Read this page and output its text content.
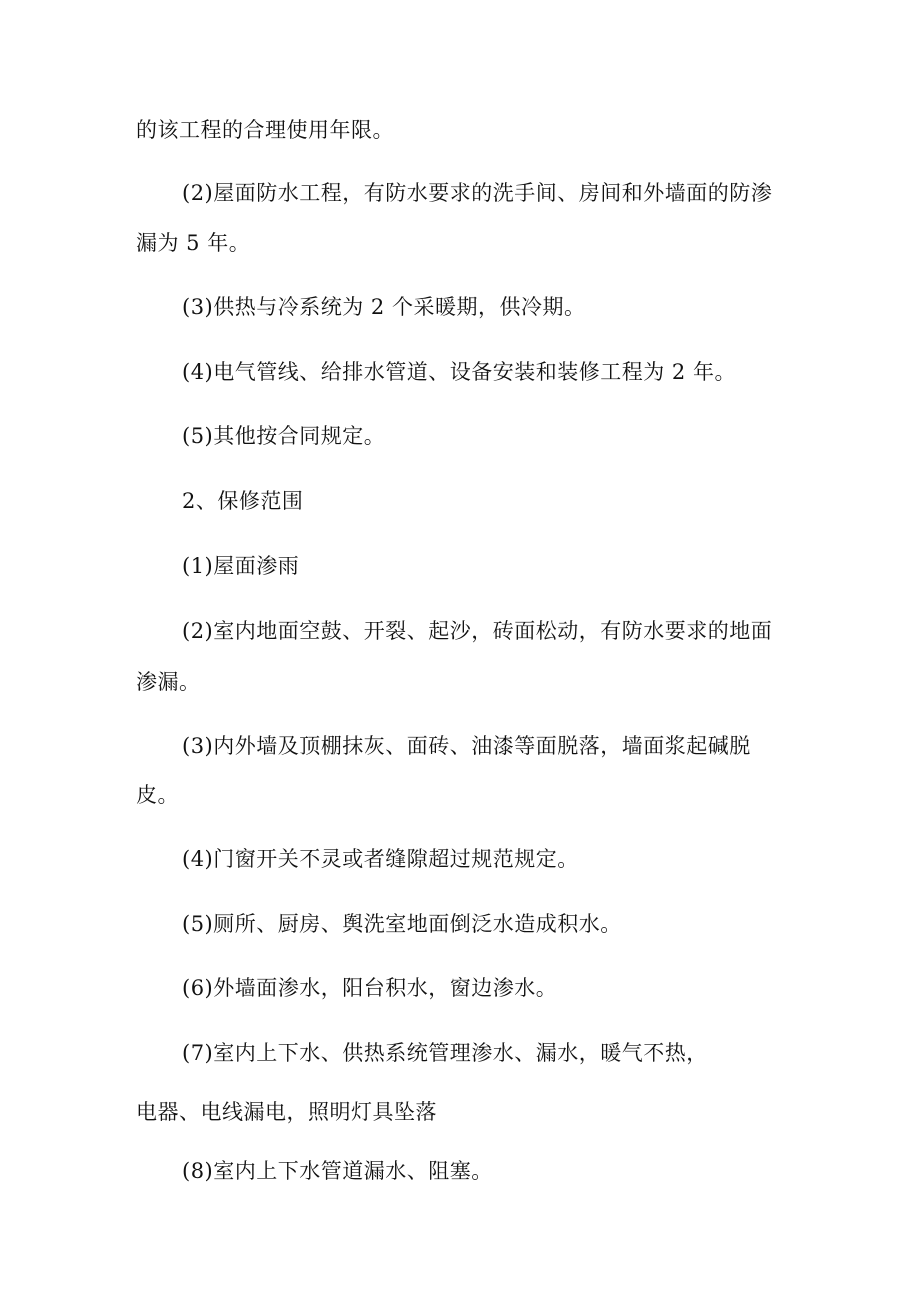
的该工程的合理使用年限。
(2)屋面防水工程，有防水要求的洗手间、房间和外墙面的防渗
漏为 5 年。
(3)供热与冷系统为 2 个采暖期，供冷期。
(4)电气管线、给排水管道、设备安装和装修工程为 2 年。
(5)其他按合同规定。
2、保修范围
(1)屋面渗雨
(2)室内地面空鼓、开裂、起沙，砖面松动，有防水要求的地面
渗漏。
(3)内外墙及顶棚抹灰、面砖、油漆等面脱落，墙面浆起碱脱
皮。
(4)门窗开关不灵或者缝隙超过规范规定。
(5)厕所、厨房、舆洗室地面倒泛水造成积水。
(6)外墙面渗水，阳台积水，窗边渗水。
(7)室内上下水、供热系统管理渗水、漏水，暖气不热，
电器、电线漏电，照明灯具坠落
(8)室内上下水管道漏水、阻塞。
